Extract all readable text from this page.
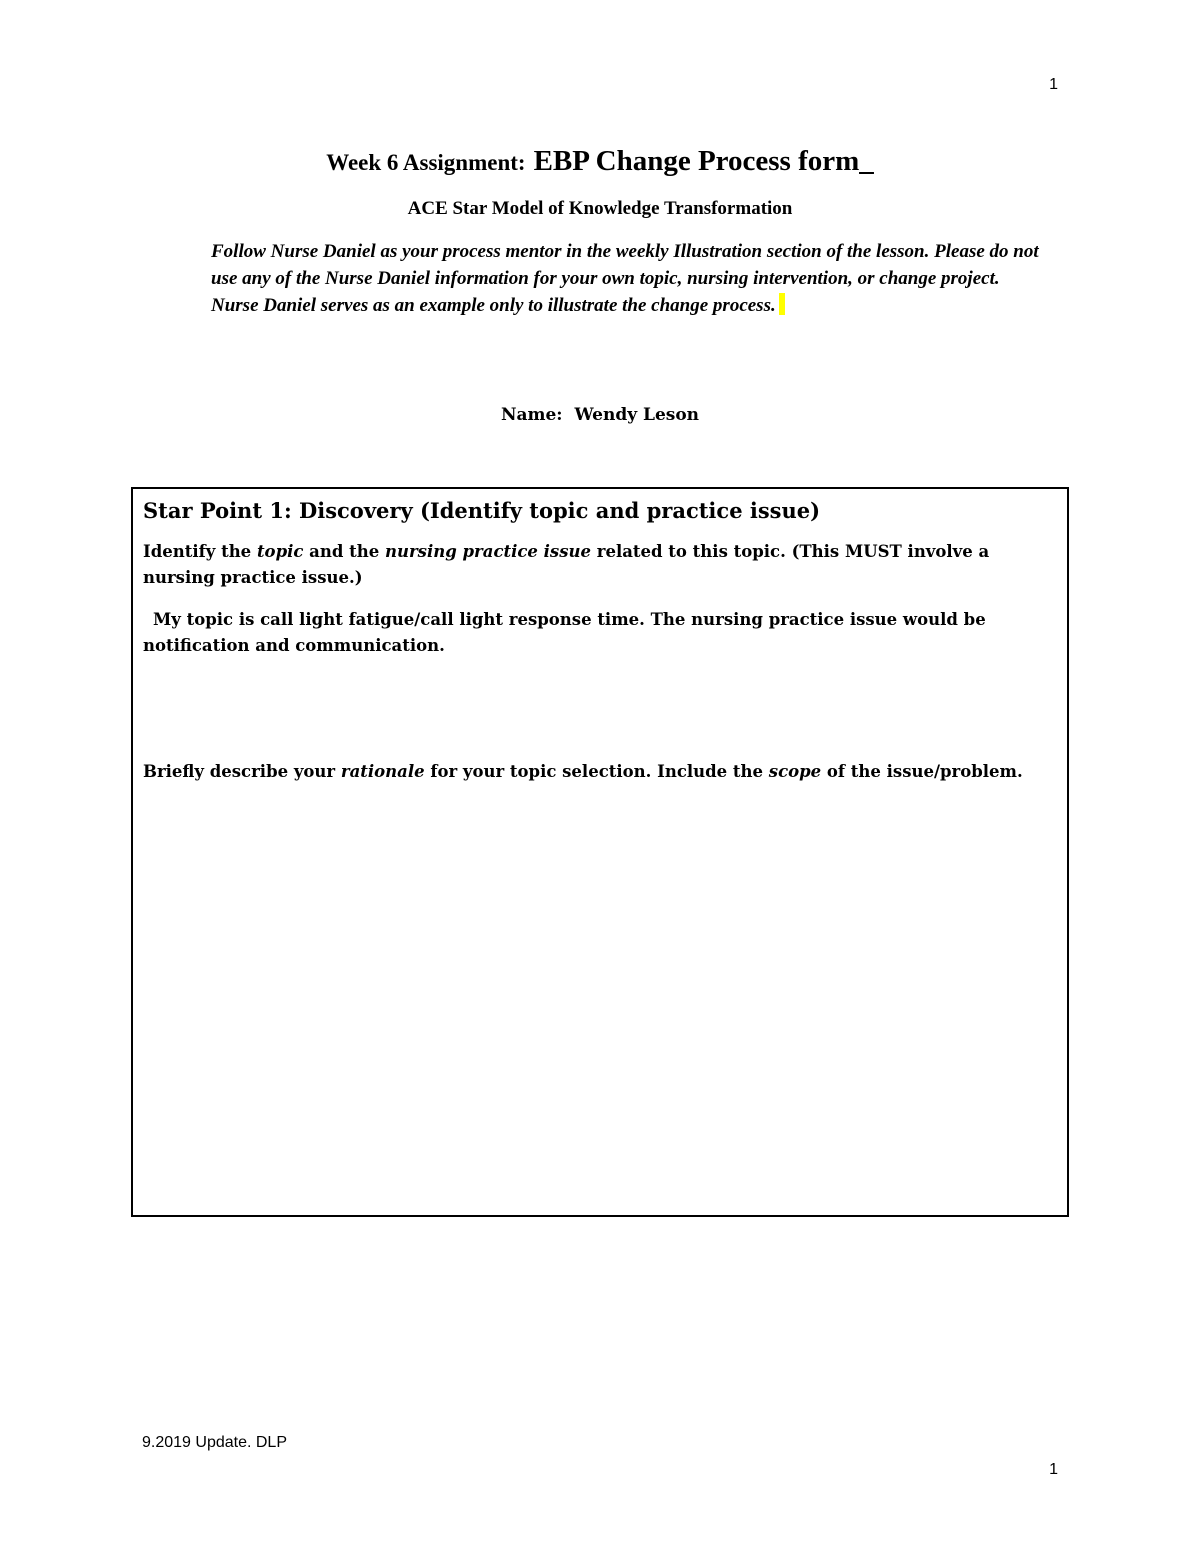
1
Week 6 Assignment: EBP Change Process form_
ACE Star Model of Knowledge Transformation
Follow Nurse Daniel as your process mentor in the weekly Illustration section of the lesson. Please do not use any of the Nurse Daniel information for your own topic, nursing intervention, or change project. Nurse Daniel serves as an example only to illustrate the change process.
Name: Wendy Leson
Star Point 1: Discovery (Identify topic and practice issue)

Identify the topic and the nursing practice issue related to this topic. (This MUST involve a nursing practice issue.)

My topic is call light fatigue/call light response time. The nursing practice issue would be notification and communication.

Briefly describe your rationale for your topic selection. Include the scope of the issue/problem.

9.2019 Update. DLP
1
